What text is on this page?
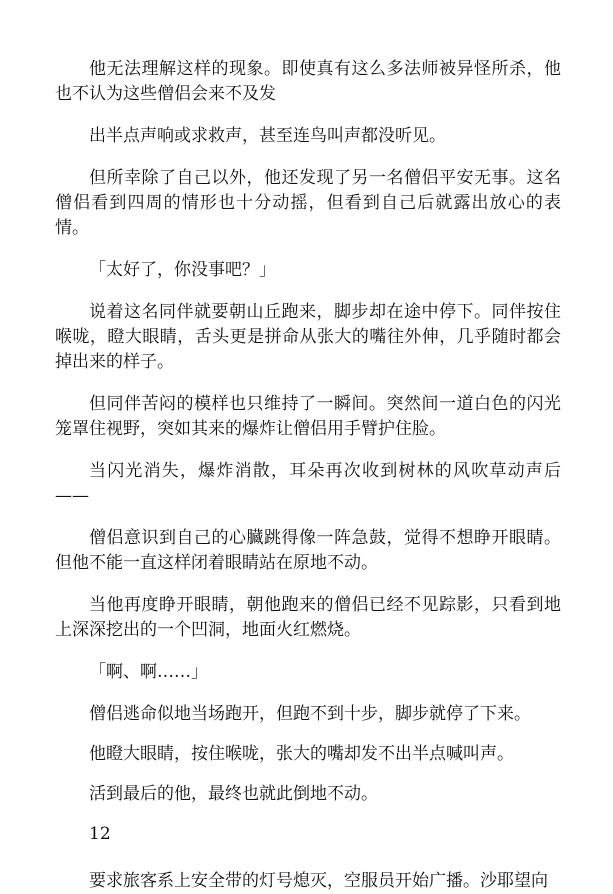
他无法理解这样的现象。即使真有这么多法师被异怪所杀，他也不认为这些僧侣会来不及发

出半点声响或求救声，甚至连鸟叫声都没听见。

但所幸除了自己以外，他还发现了另一名僧侣平安无事。这名僧侣看到四周的情形也十分动摇，但看到自己后就露出放心的表情。

「太好了，你没事吧？」

说着这名同伴就要朝山丘跑来，脚步却在途中停下。同伴按住喉咙，瞪大眼睛，舌头更是拼命从张大的嘴往外伸，几乎随时都会掉出来的样子。

但同伴苦闷的模样也只维持了一瞬间。突然间一道白色的闪光笼罩住视野，突如其来的爆炸让僧侣用手臂护住脸。

当闪光消失，爆炸消散，耳朵再次收到树林的风吹草动声后——

僧侣意识到自己的心臓跳得像一阵急鼓，觉得不想睁开眼睛。但他不能一直这样闭着眼睛站在原地不动。

当他再度睁开眼睛，朝他跑来的僧侣已经不见踪影，只看到地上深深挖出的一个凹洞，地面火红燃烧。

「啊、啊……」

僧侣逃命似地当场跑开，但跑不到十步，脚步就停了下来。

他瞪大眼睛，按住喉咙，张大的嘴却发不出半点喊叫声。

活到最后的他，最终也就此倒地不动。

12

要求旅客系上安全带的灯号熄灭，空服员开始广播。沙耶望向
